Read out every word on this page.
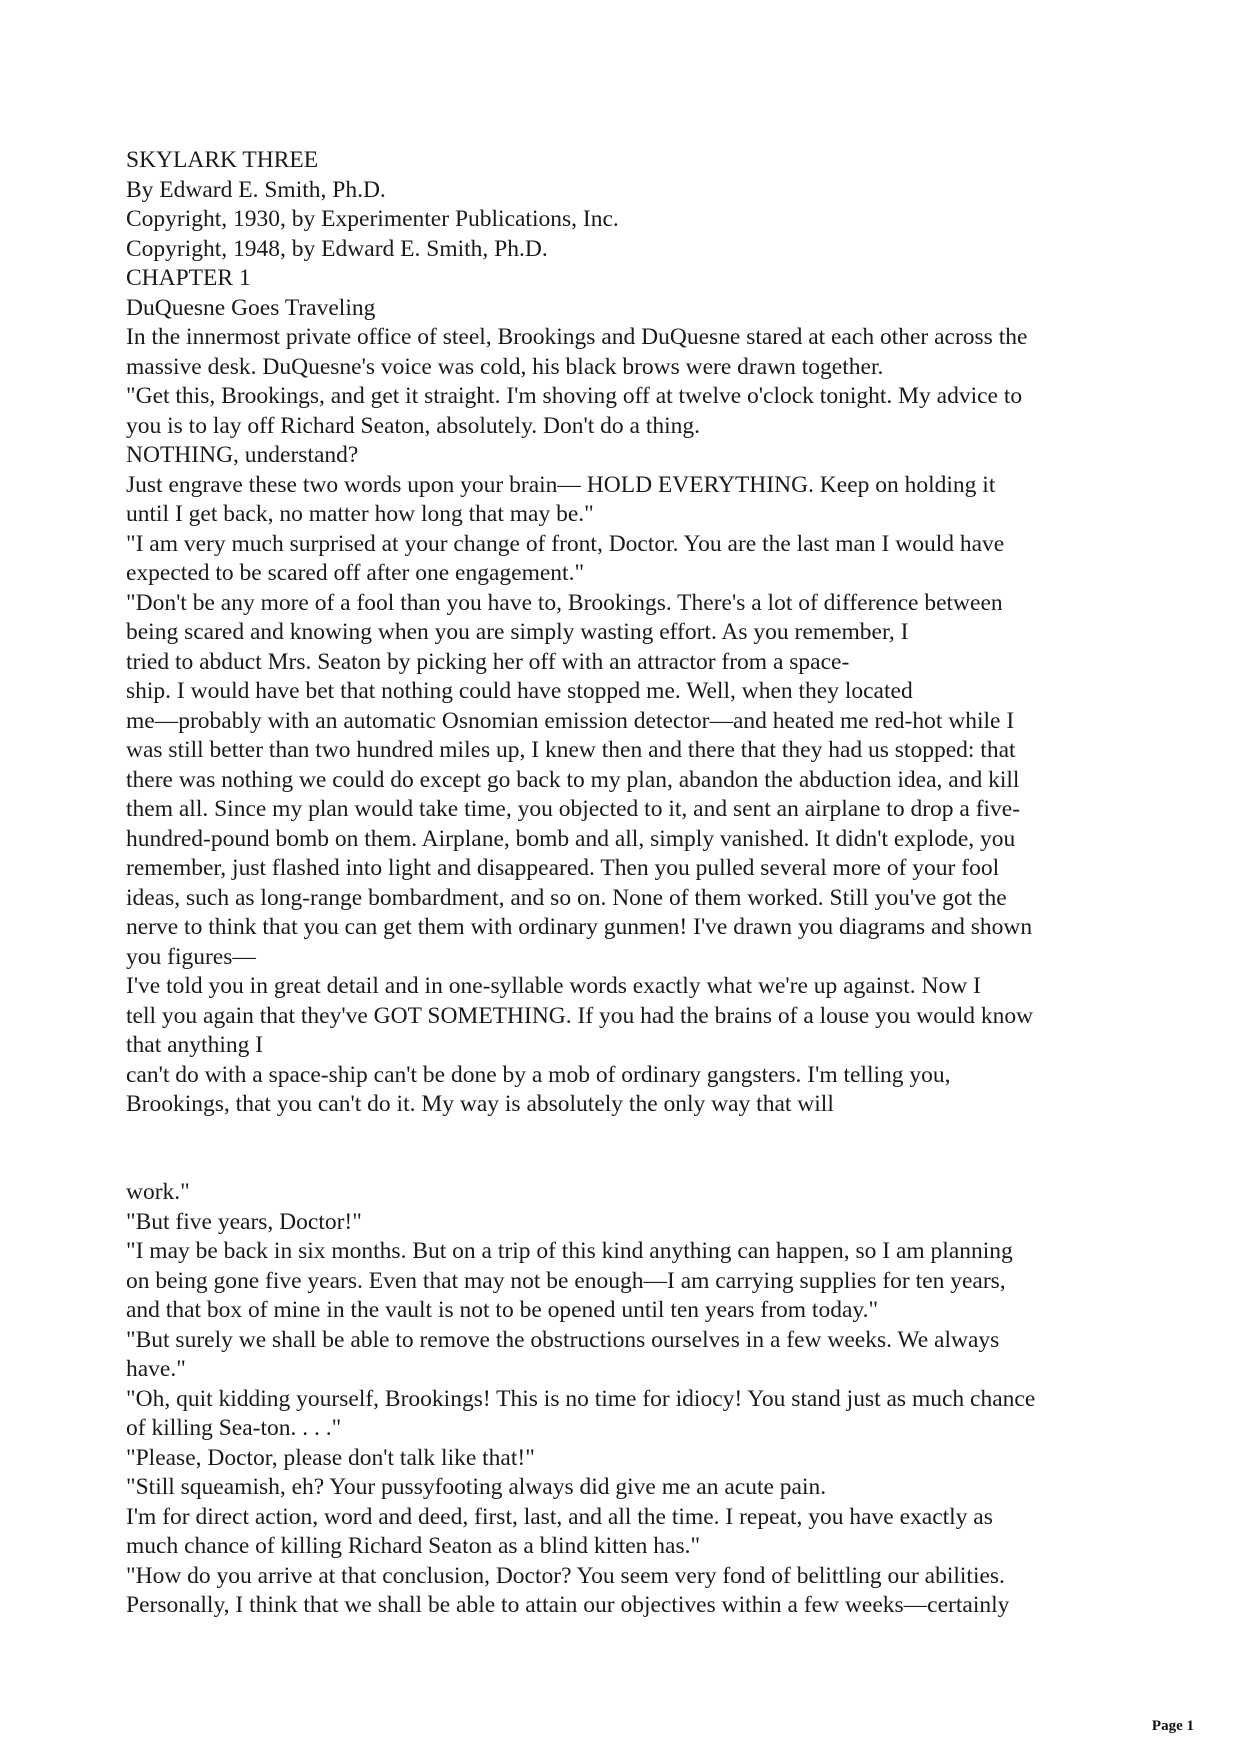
SKYLARK THREE
By Edward E. Smith, Ph.D.
Copyright, 1930, by Experimenter Publications, Inc.
Copyright, 1948, by Edward E. Smith, Ph.D.
CHAPTER 1
DuQuesne Goes Traveling
In the innermost private office of steel, Brookings and DuQuesne stared at each other across the
massive desk. DuQuesne's voice was cold, his black brows were drawn together.
"Get this, Brookings, and get it straight. I'm shoving off at twelve o'clock tonight. My advice to
you is to lay off Richard Seaton, absolutely. Don't do a thing.
NOTHING, understand?
Just engrave these two words upon your brain— HOLD EVERYTHING. Keep on holding it
until I get back, no matter how long that may be."
"I am very much surprised at your change of front, Doctor. You are the last man I would have
expected to be scared off after one engagement."
"Don't be any more of a fool than you have to, Brookings. There's a lot of difference between
being scared and knowing when you are simply wasting effort. As you remember, I
tried to abduct Mrs. Seaton by picking her off with an attractor from a space-
ship. I would have bet that nothing could have stopped me. Well, when they located
me—probably with an automatic Osnomian emission detector—and heated me red-hot while I
was still better than two hundred miles up, I knew then and there that they had us stopped: that
there was nothing we could do except go back to my plan, abandon the abduction idea, and kill
them all. Since my plan would take time, you objected to it, and sent an airplane to drop a five-
hundred-pound bomb on them. Airplane, bomb and all, simply vanished. It didn't explode, you
remember, just flashed into light and disappeared. Then you pulled several more of your fool
ideas, such as long-range bombardment, and so on. None of them worked. Still you've got the
nerve to think that you can get them with ordinary gunmen! I've drawn you diagrams and shown
you figures—
I've told you in great detail and in one-syllable words exactly what we're up against. Now I
tell you again that they've GOT SOMETHING. If you had the brains of a louse you would know
that anything I
can't do with a space-ship can't be done by a mob of ordinary gangsters. I'm telling you,
Brookings, that you can't do it. My way is absolutely the only way that will
work."
"But five years, Doctor!"
"I may be back in six months. But on a trip of this kind anything can happen, so I am planning
on being gone five years. Even that may not be enough—I am carrying supplies for ten years,
and that box of mine in the vault is not to be opened until ten years from today."
"But surely we shall be able to remove the obstructions ourselves in a few weeks. We always
have."
"Oh, quit kidding yourself, Brookings! This is no time for idiocy! You stand just as much chance
of killing Sea-ton. . . ."
"Please, Doctor, please don't talk like that!"
"Still squeamish, eh? Your pussyfooting always did give me an acute pain.
I'm for direct action, word and deed, first, last, and all the time. I repeat, you have exactly as
much chance of killing Richard Seaton as a blind kitten has."
"How do you arrive at that conclusion, Doctor? You seem very fond of belittling our abilities.
Personally, I think that we shall be able to attain our objectives within a few weeks—certainly
Page 1
